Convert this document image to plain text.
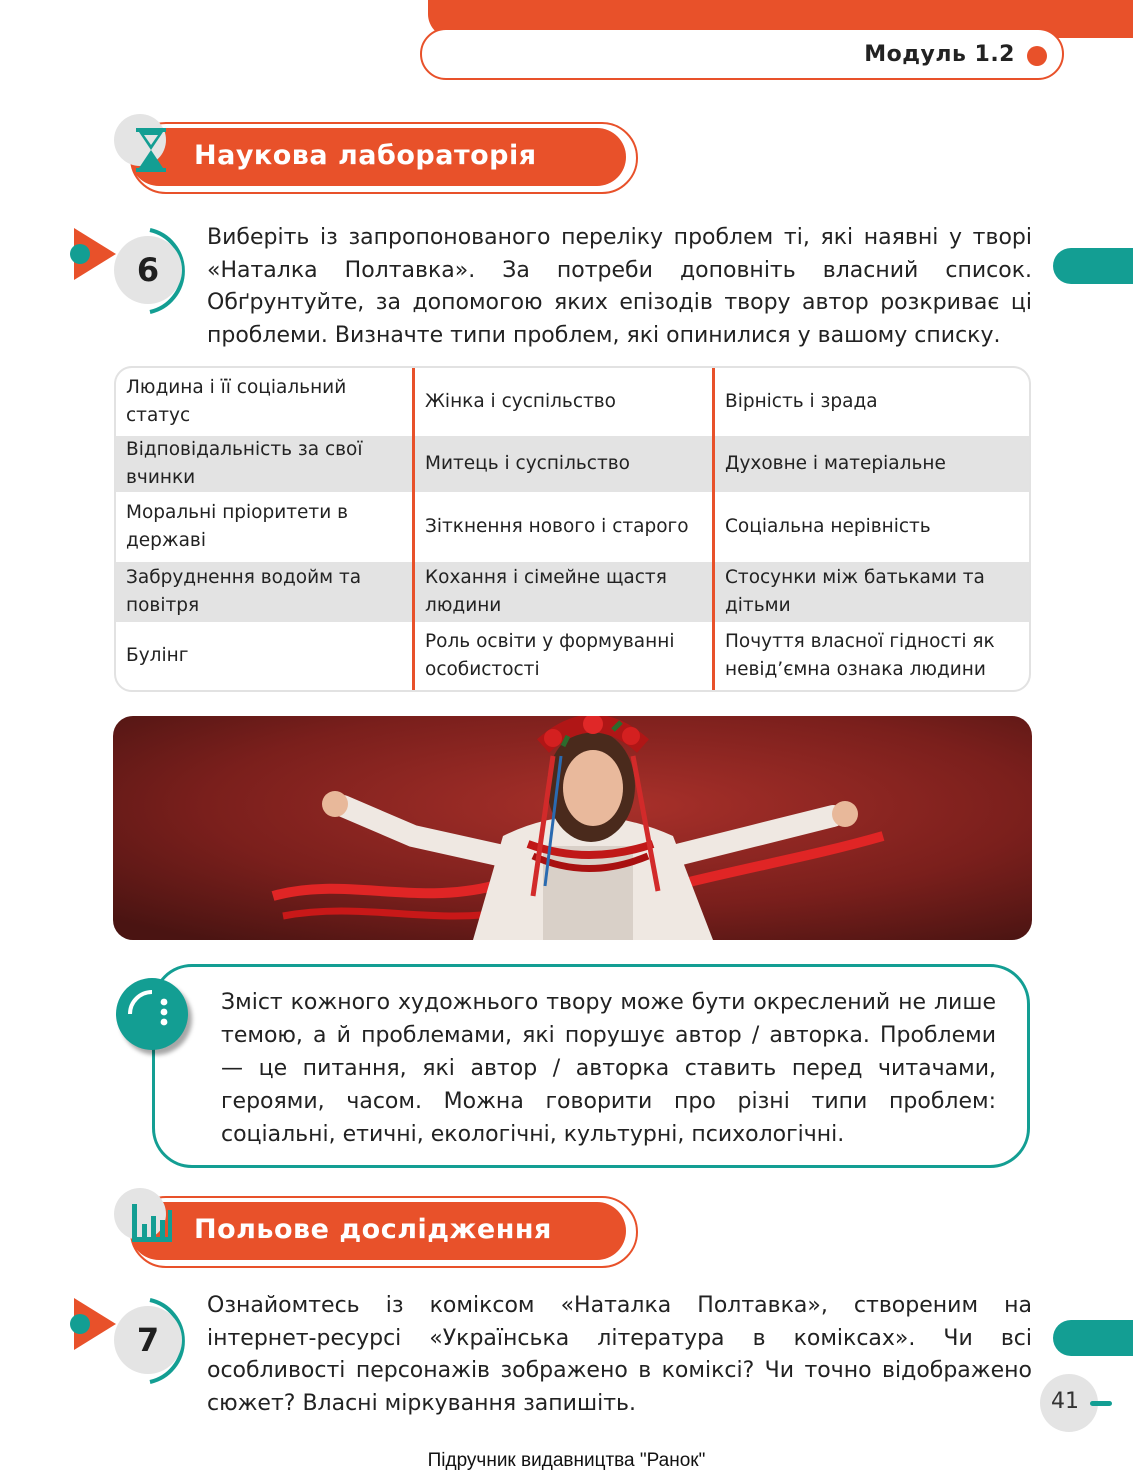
Модуль 1.2
Наукова лабораторія
6
Виберіть із запропонованого переліку проблем ті, які наявні у творі «Наталка Полтавка». За потреби доповніть власний список. Обґрунтуйте, за допомогою яких епізодів твору автор розкриває ці проблеми. Визначте типи проблем, які опинилися у вашому списку.
Людина і її соціальний статус	Жінка і суспільство	Вірність і зрада
Відповідальність за свої вчинки	Митець і суспільство	Духовне і матеріальне
Моральні пріоритети в державі	Зіткнення нового і старого	Соціальна нерівність
Забруднення водойм та повітря	Кохання і сімейне щастя людини	Стосунки між батьками та дітьми
Булінг	Роль освіти у формуванні особистості	Почуття власної гідності як невід’ємна ознака людини
Зміст кожного художнього твору може бути окреслений не лише темою, а й проблемами, які порушує автор / авторка. Проблеми — це питання, які автор / авторка ставить перед читачами, героями, часом. Можна говорити про різні типи проблем: соціальні, етичні, екологічні, культурні, психологічні.
Польове дослідження
7
Ознайомтесь із коміксом «Наталка Полтавка», створеним на інтернет-ресурсі «Українська література в коміксах». Чи всі особливості персонажів зображено в коміксі? Чи точно відображено сюжет? Власні міркування запишіть.	41
Підручник видавництва "Ранок"
